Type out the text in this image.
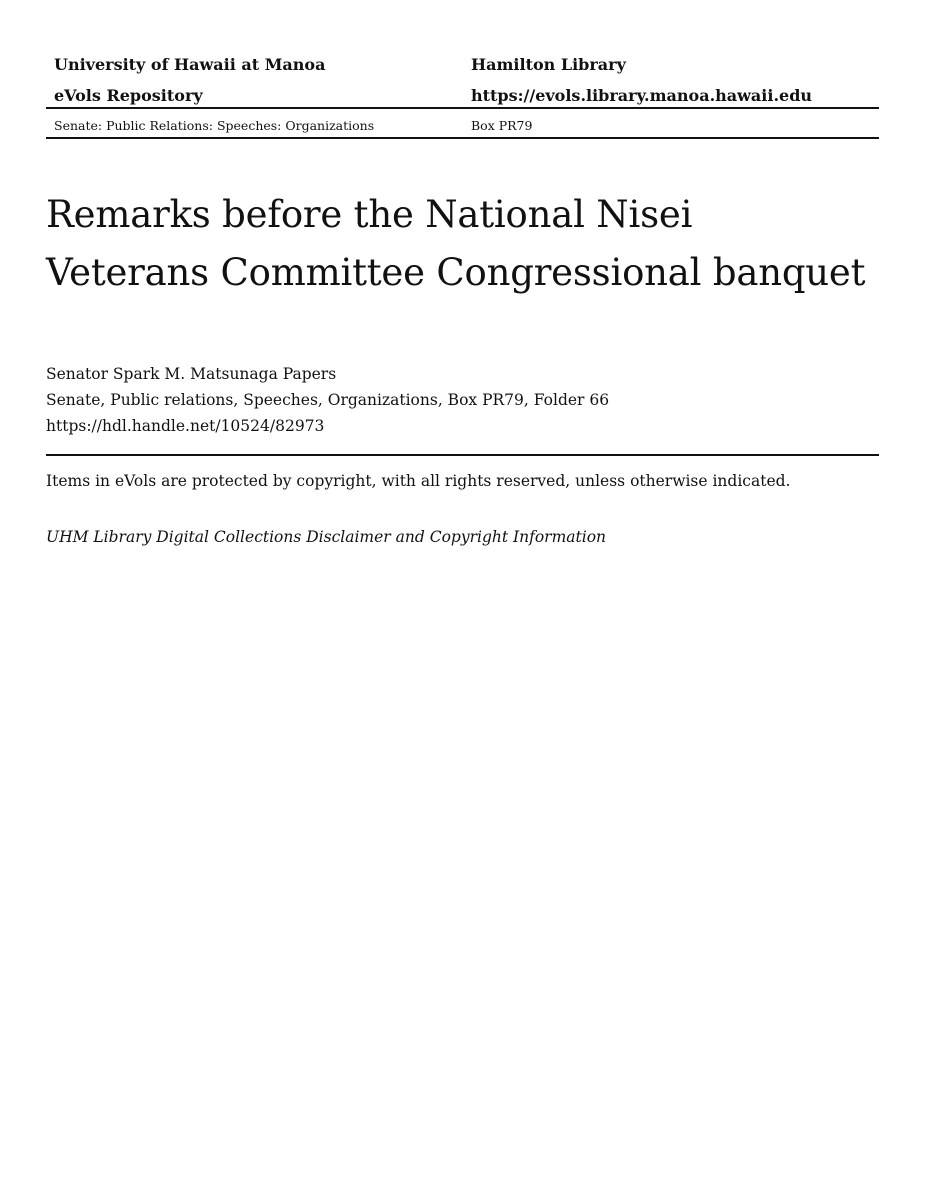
University of Hawaii at Manoa	Hamilton Library
eVols Repository	https://evols.library.manoa.hawaii.edu
Senate: Public Relations: Speeches: Organizations	Box PR79
Remarks before the National Nisei
Veterans Committee Congressional banquet
Senator Spark M. Matsunaga Papers
Senate, Public relations, Speeches, Organizations, Box PR79, Folder 66
https://hdl.handle.net/10524/82973
Items in eVols are protected by copyright, with all rights reserved, unless otherwise indicated.
UHM Library Digital Collections Disclaimer and Copyright Information
